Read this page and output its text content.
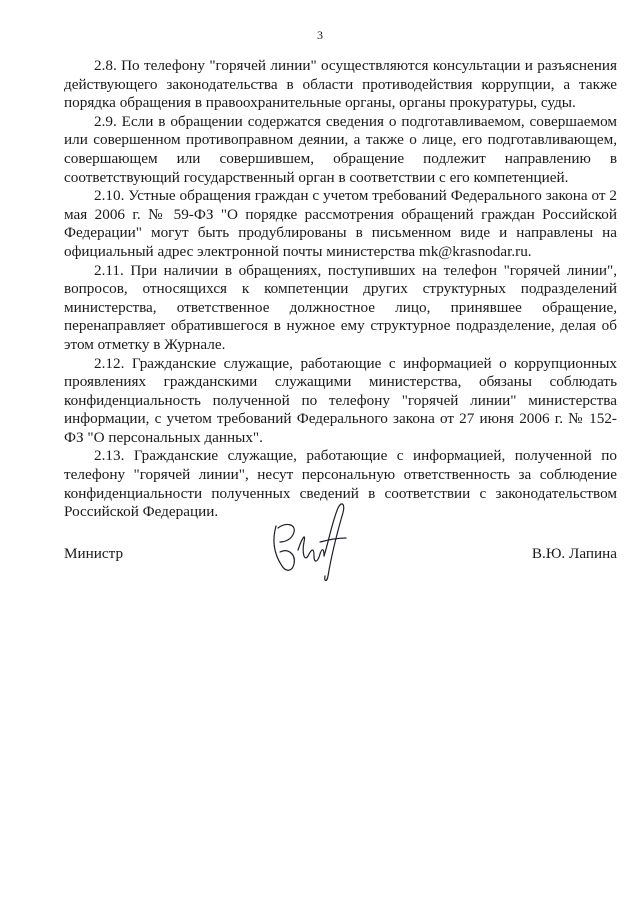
3

2.8. По телефону "горячей линии" осуществляются консультации и разъяснения действующего законодательства в области противодействия коррупции, а также порядка обращения в правоохранительные органы, органы прокуратуры, суды.

2.9. Если в обращении содержатся сведения о подготавливаемом, совершаемом или совершенном противоправном деянии, а также о лице, его подготавливающем, совершающем или совершившем, обращение подлежит направлению в соответствующий государственный орган в соответствии с его компетенцией.

2.10. Устные обращения граждан с учетом требований Федерального закона от 2 мая 2006 г. № 59-ФЗ "О порядке рассмотрения обращений граждан Российской Федерации" могут быть продублированы в письменном виде и направлены на официальный адрес электронной почты министерства mk@krasnodar.ru.

2.11. При наличии в обращениях, поступивших на телефон "горячей линии", вопросов, относящихся к компетенции других структурных подразделений министерства, ответственное должностное лицо, принявшее обращение, перенаправляет обратившегося в нужное ему структурное подразделение, делая об этом отметку в Журнале.

2.12. Гражданские служащие, работающие с информацией о коррупционных проявлениях гражданскими служащими министерства, обязаны соблюдать конфиденциальность полученной по телефону "горячей линии" министерства информации, с учетом требований Федерального закона от 27 июня 2006 г. № 152-ФЗ "О персональных данных".

2.13. Гражданские служащие, работающие с информацией, полученной по телефону "горячей линии", несут персональную ответственность за соблюдение конфиденциальности полученных сведений в соответствии с законодательством Российской Федерации.

Министр	В.Ю. Лапина
